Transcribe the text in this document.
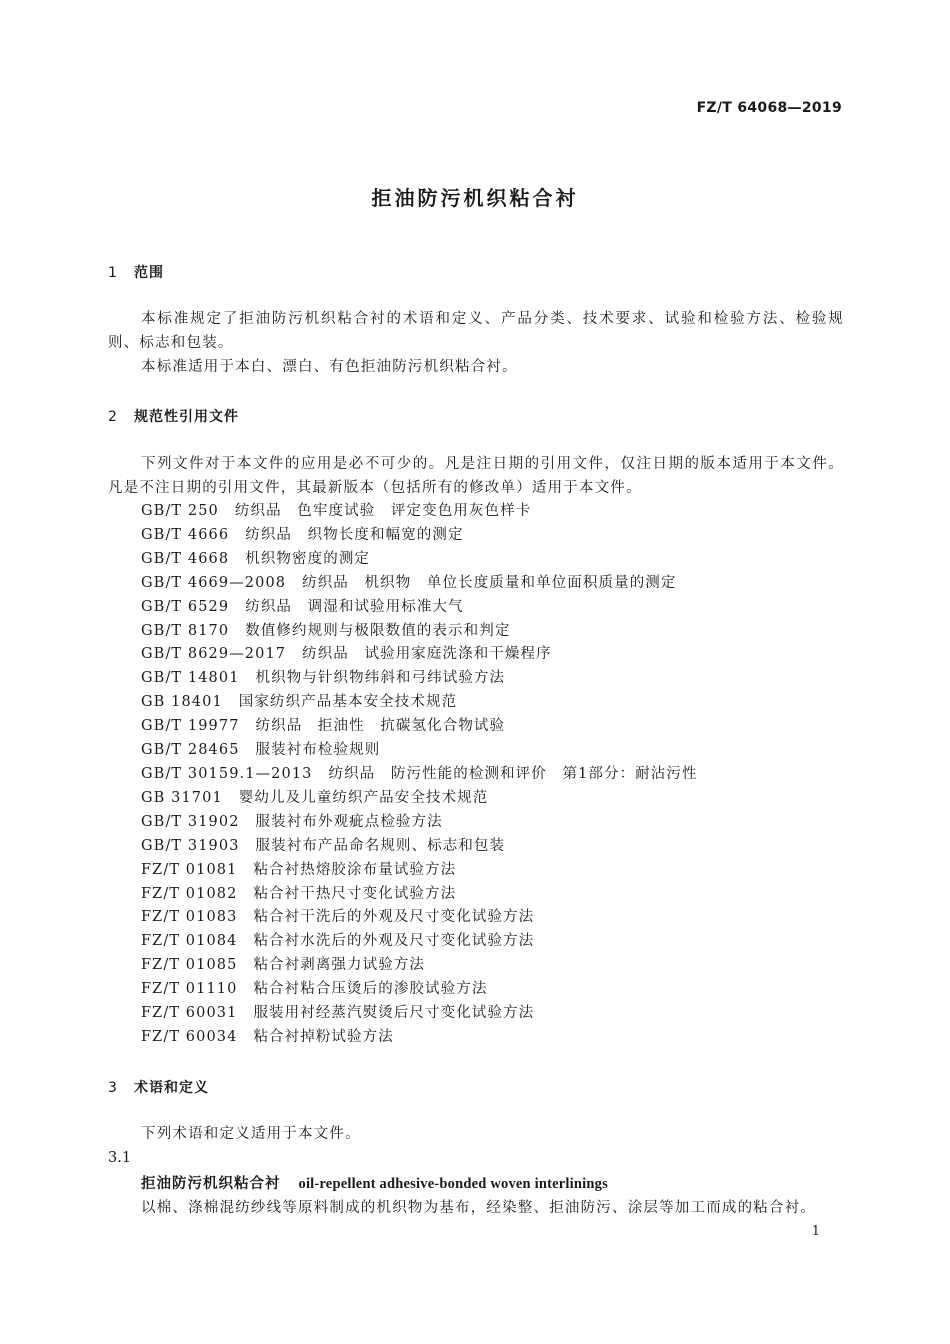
FZ/T 64068—2019
拒油防污机织粘合衬
1 范围
本标准规定了拒油防污机织粘合衬的术语和定义、产品分类、技术要求、试验和检验方法、检验规则、标志和包装。
本标准适用于本白、漂白、有色拒油防污机织粘合衬。
2 规范性引用文件
下列文件对于本文件的应用是必不可少的。凡是注日期的引用文件，仅注日期的版本适用于本文件。凡是不注日期的引用文件，其最新版本（包括所有的修改单）适用于本文件。
GB/T 250 纺织品　色牢度试验　评定变色用灰色样卡
GB/T 4666 纺织品　织物长度和幅宽的测定
GB/T 4668 机织物密度的测定
GB/T 4669—2008 纺织品　机织物　单位长度质量和单位面积质量的测定
GB/T 6529 纺织品　调湿和试验用标准大气
GB/T 8170 数值修约规则与极限数值的表示和判定
GB/T 8629—2017 纺织品　试验用家庭洗涤和干燥程序
GB/T 14801 机织物与针织物纬斜和弓纬试验方法
GB 18401 国家纺织产品基本安全技术规范
GB/T 19977 纺织品　拒油性　抗碳氢化合物试验
GB/T 28465 服装衬布检验规则
GB/T 30159.1—2013 纺织品　防污性能的检测和评价　第1部分：耐沾污性
GB 31701 婴幼儿及儿童纺织产品安全技术规范
GB/T 31902 服装衬布外观疵点检验方法
GB/T 31903 服装衬布产品命名规则、标志和包装
FZ/T 01081 粘合衬热熔胶涂布量试验方法
FZ/T 01082 粘合衬干热尺寸变化试验方法
FZ/T 01083 粘合衬干洗后的外观及尺寸变化试验方法
FZ/T 01084 粘合衬水洗后的外观及尺寸变化试验方法
FZ/T 01085 粘合衬剥离强力试验方法
FZ/T 01110 粘合衬粘合压烫后的渗胶试验方法
FZ/T 60031 服装用衬经蒸汽熨烫后尺寸变化试验方法
FZ/T 60034 粘合衬掉粉试验方法
3 术语和定义
下列术语和定义适用于本文件。
3.1
拒油防污机织粘合衬 oil-repellent adhesive-bonded woven interlinings
以棉、涤棉混纺纱线等原料制成的机织物为基布，经染整、拒油防污、涂层等加工而成的粘合衬。
1
